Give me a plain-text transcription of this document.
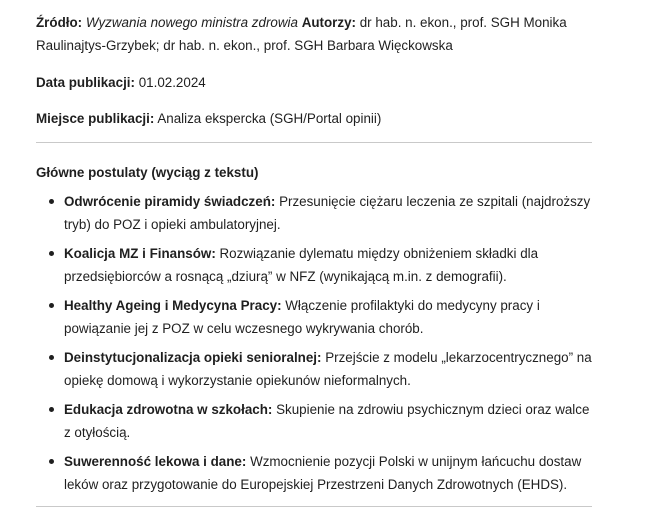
Źródło: Wyzwania nowego ministra zdrowia Autorzy: dr hab. n. ekon., prof. SGH Monika Raulinajtys-Grzybek; dr hab. n. ekon., prof. SGH Barbara Więckowska

Data publikacji: 01.02.2024

Miejsce publikacji: Analiza ekspercka (SGH/Portal opinii)

Główne postulaty (wyciąg z tekstu)

Odwrócenie piramidy świadczeń: Przesunięcie ciężaru leczenia ze szpitali (najdroższy tryb) do POZ i opieki ambulatoryjnej.
Koalicja MZ i Finansów: Rozwiązanie dylematu między obniżeniem składki dla przedsiębiorców a rosnącą „dziurą” w NFZ (wynikającą m.in. z demografii).
Healthy Ageing i Medycyna Pracy: Włączenie profilaktyki do medycyny pracy i powiązanie jej z POZ w celu wczesnego wykrywania chorób.
Deinstytucjonalizacja opieki senioralnej: Przejście z modelu „lekarzocentrycznego” na opiekę domową i wykorzystanie opiekunów nieformalnych.
Edukacja zdrowotna w szkołach: Skupienie na zdrowiu psychicznym dzieci oraz walce z otyłością.
Suwerenność lekowa i dane: Wzmocnienie pozycji Polski w unijnym łańcuchu dostaw leków oraz przygotowanie do Europejskiej Przestrzeni Danych Zdrowotnych (EHDS).
